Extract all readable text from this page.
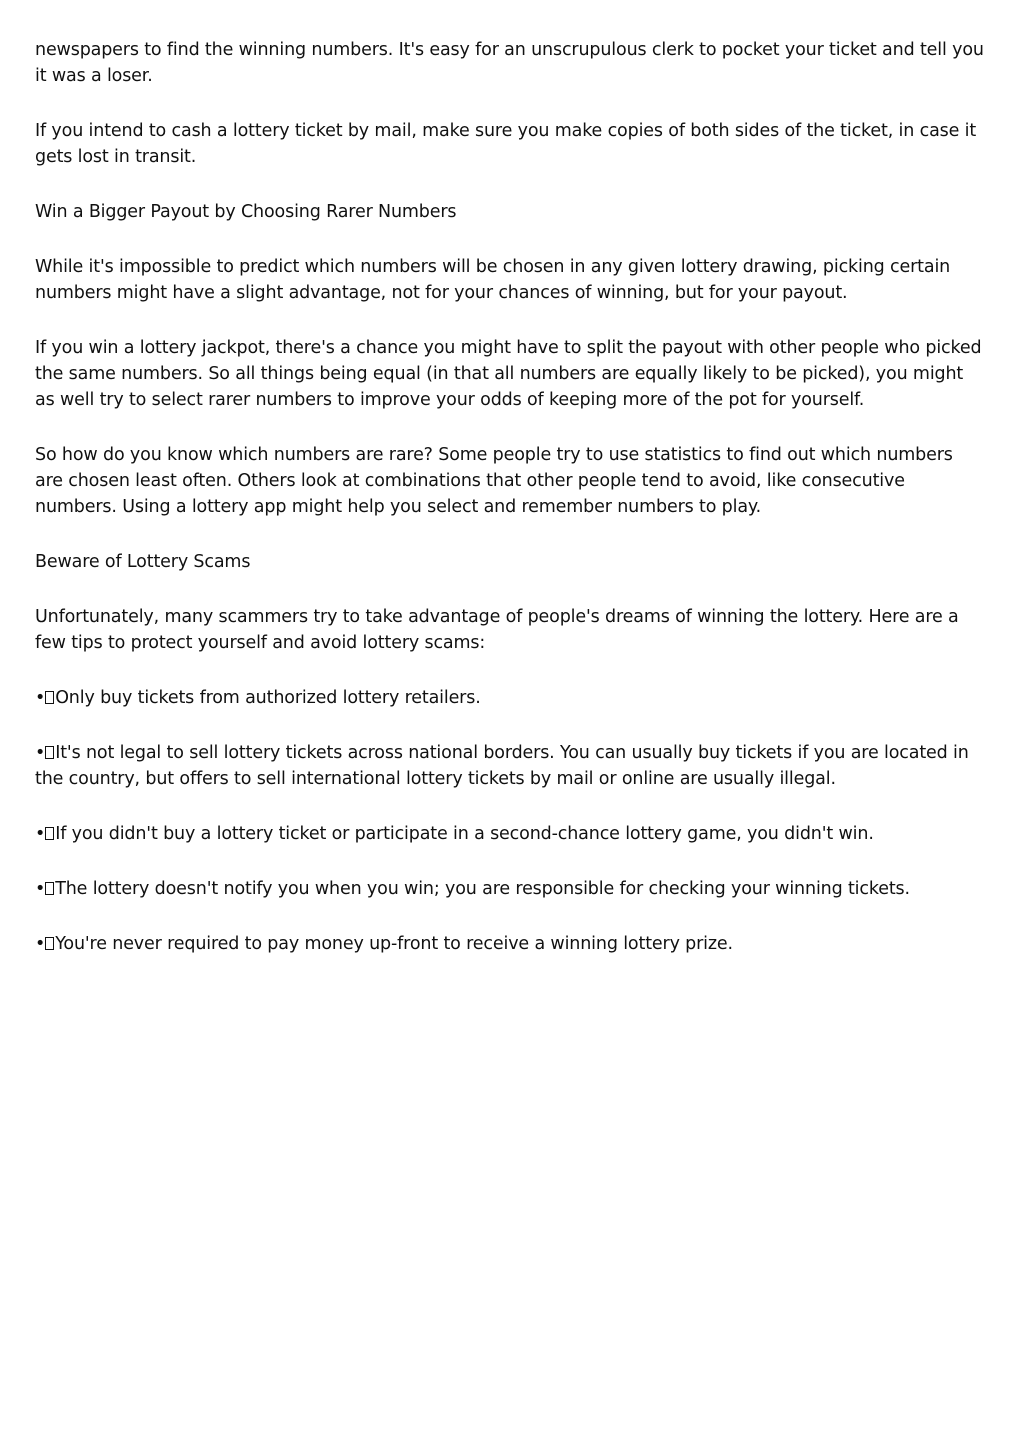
newspapers to find the winning numbers. It's easy for an unscrupulous clerk to pocket your ticket and tell you it was a loser.

If you intend to cash a lottery ticket by mail, make sure you make copies of both sides of the ticket, in case it gets lost in transit.

Win a Bigger Payout by Choosing Rarer Numbers

While it's impossible to predict which numbers will be chosen in any given lottery drawing, picking certain numbers might have a slight advantage, not for your chances of winning, but for your payout.

If you win a lottery jackpot, there's a chance you might have to split the payout with other people who picked the same numbers. So all things being equal (in that all numbers are equally likely to be picked), you might as well try to select rarer numbers to improve your odds of keeping more of the pot for yourself.

So how do you know which numbers are rare? Some people try to use statistics to find out which numbers are chosen least often. Others look at combinations that other people tend to avoid, like consecutive numbers. Using a lottery app might help you select and remember numbers to play.

Beware of Lottery Scams

Unfortunately, many scammers try to take advantage of people's dreams of winning the lottery. Here are a few tips to protect yourself and avoid lottery scams:

• Only buy tickets from authorized lottery retailers.

• It's not legal to sell lottery tickets across national borders. You can usually buy tickets if you are located in the country, but offers to sell international lottery tickets by mail or online are usually illegal.

• If you didn't buy a lottery ticket or participate in a second-chance lottery game, you didn't win.

• The lottery doesn't notify you when you win; you are responsible for checking your winning tickets.

• You're never required to pay money up-front to receive a winning lottery prize.
